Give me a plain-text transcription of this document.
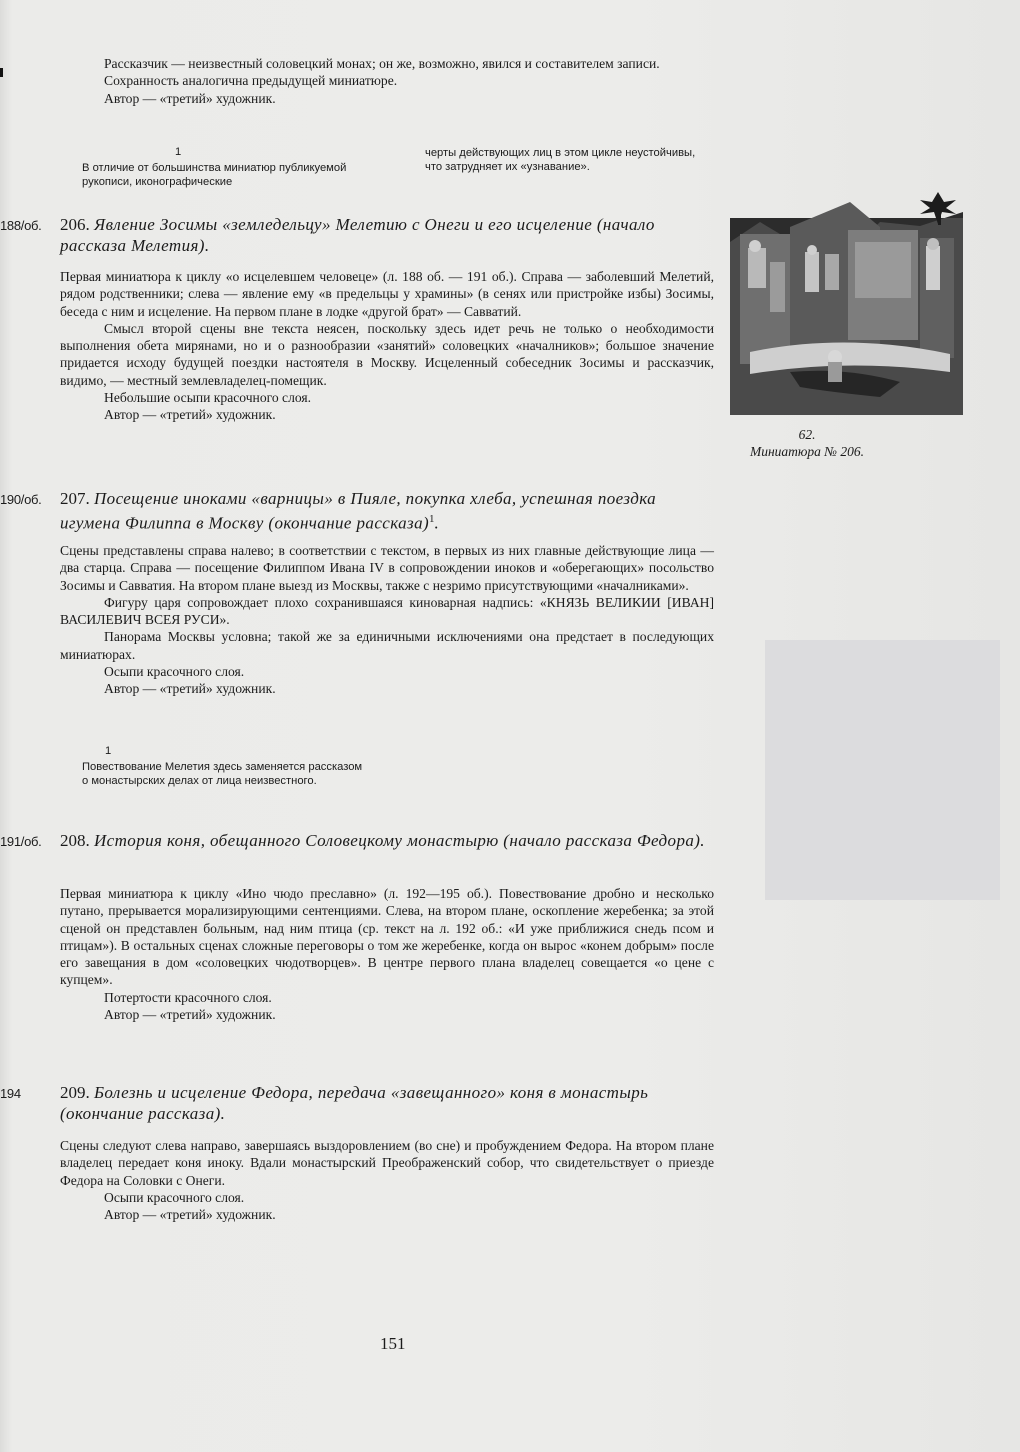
Рассказчик — неизвестный соловецкий монах; он же, возможно, явился и составителем записи.

Сохранность аналогична предыдущей миниатюре.

Автор — «третий» художник.

1
В отличие от большинства миниатюр публикуемой рукописи, иконографические
черты действующих лиц в этом цикле неустойчивы, что затрудняет их «узнавание».
188/об. 206. Явление Зосимы «земледельцу» Мелетию с Онеги и его исцеление (начало рассказа Мелетия).

Первая миниатюра к циклу «о исцелевшем человеце» (л. 188 об. — 191 об.). Справа — заболевший Мелетий, рядом родственники; слева — явление ему «в предельцы у храмины» (в сенях или пристройке избы) Зосимы, беседа с ним и исцеление. На первом плане в лодке «другой брат» — Савватий.

Смысл второй сцены вне текста неясен, поскольку здесь идет речь не только о необходимости выполнения обета мирянами, но и о разнообразии «занятий» соловецких «началников»; большое значение придается исходу будущей поездки настоятеля в Москву. Исцеленный собеседник Зосимы и рассказчик, видимо, — местный землевладелец-помещик.

Небольшие осыпи красочного слоя.

Автор — «третий» художник.

62.
Миниатюра № 206.
190/об. 207. Посещение иноками «варницы» в Пияле, покупка хлеба, успешная поездка игумена Филиппа в Москву (окончание рассказа)$^1$.

Сцены представлены справа налево; в соответствии с текстом, в первых из них главные действующие лица — два старца. Справа — посещение Филиппом Ивана IV в сопровождении иноков и «оберегающих» посольство Зосимы и Савватия. На втором плане выезд из Москвы, также с незримо присутствующими «началниками».

Фигуру царя сопровождает плохо сохранившаяся киноварная надпись: «КНЯЗЬ ВЕЛИКИИ [ИВАН] ВАСИЛЕВИЧ ВСЕЯ РУСИ».

Панорама Москвы условна; такой же за единичными исключениями она предстает в последующих миниатюрах.

Осыпи красочного слоя.

Автор — «третий» художник.

1
Повествование Мелетия здесь заменяется рассказом о монастырских делах от лица неизвестного.
191/об. 208. История коня, обещанного Соловецкому монастырю (начало рассказа Федора).

Первая миниатюра к циклу «Ино чюдо преславно» (л. 192—195 об.). Повествование дробно и несколько путано, прерывается морализирующими сентенциями. Слева, на втором плане, оскопление жеребенка; за этой сценой он представлен больным, над ним птица (ср. текст на л. 192 об.: «И уже приближися снедь псом и птицам»). В остальных сценах сложные переговоры о том же жеребенке, когда он вырос «конем добрым» после его завещания в дом «соловецких чюдотворцев». В центре первого плана владелец совещается «о цене с купцем».

Потертости красочного слоя.

Автор — «третий» художник.

194 209. Болезнь и исцеление Федора, передача «завещанного» коня в монастырь (окончание рассказа).

Сцены следуют слева направо, завершаясь выздоровлением (во сне) и пробуждением Федора. На втором плане владелец передает коня иноку. Вдали монастырский Преображенский собор, что свидетельствует о приезде Федора на Соловки с Онеги.

Осыпи красочного слоя.

Автор — «третий» художник.

151
